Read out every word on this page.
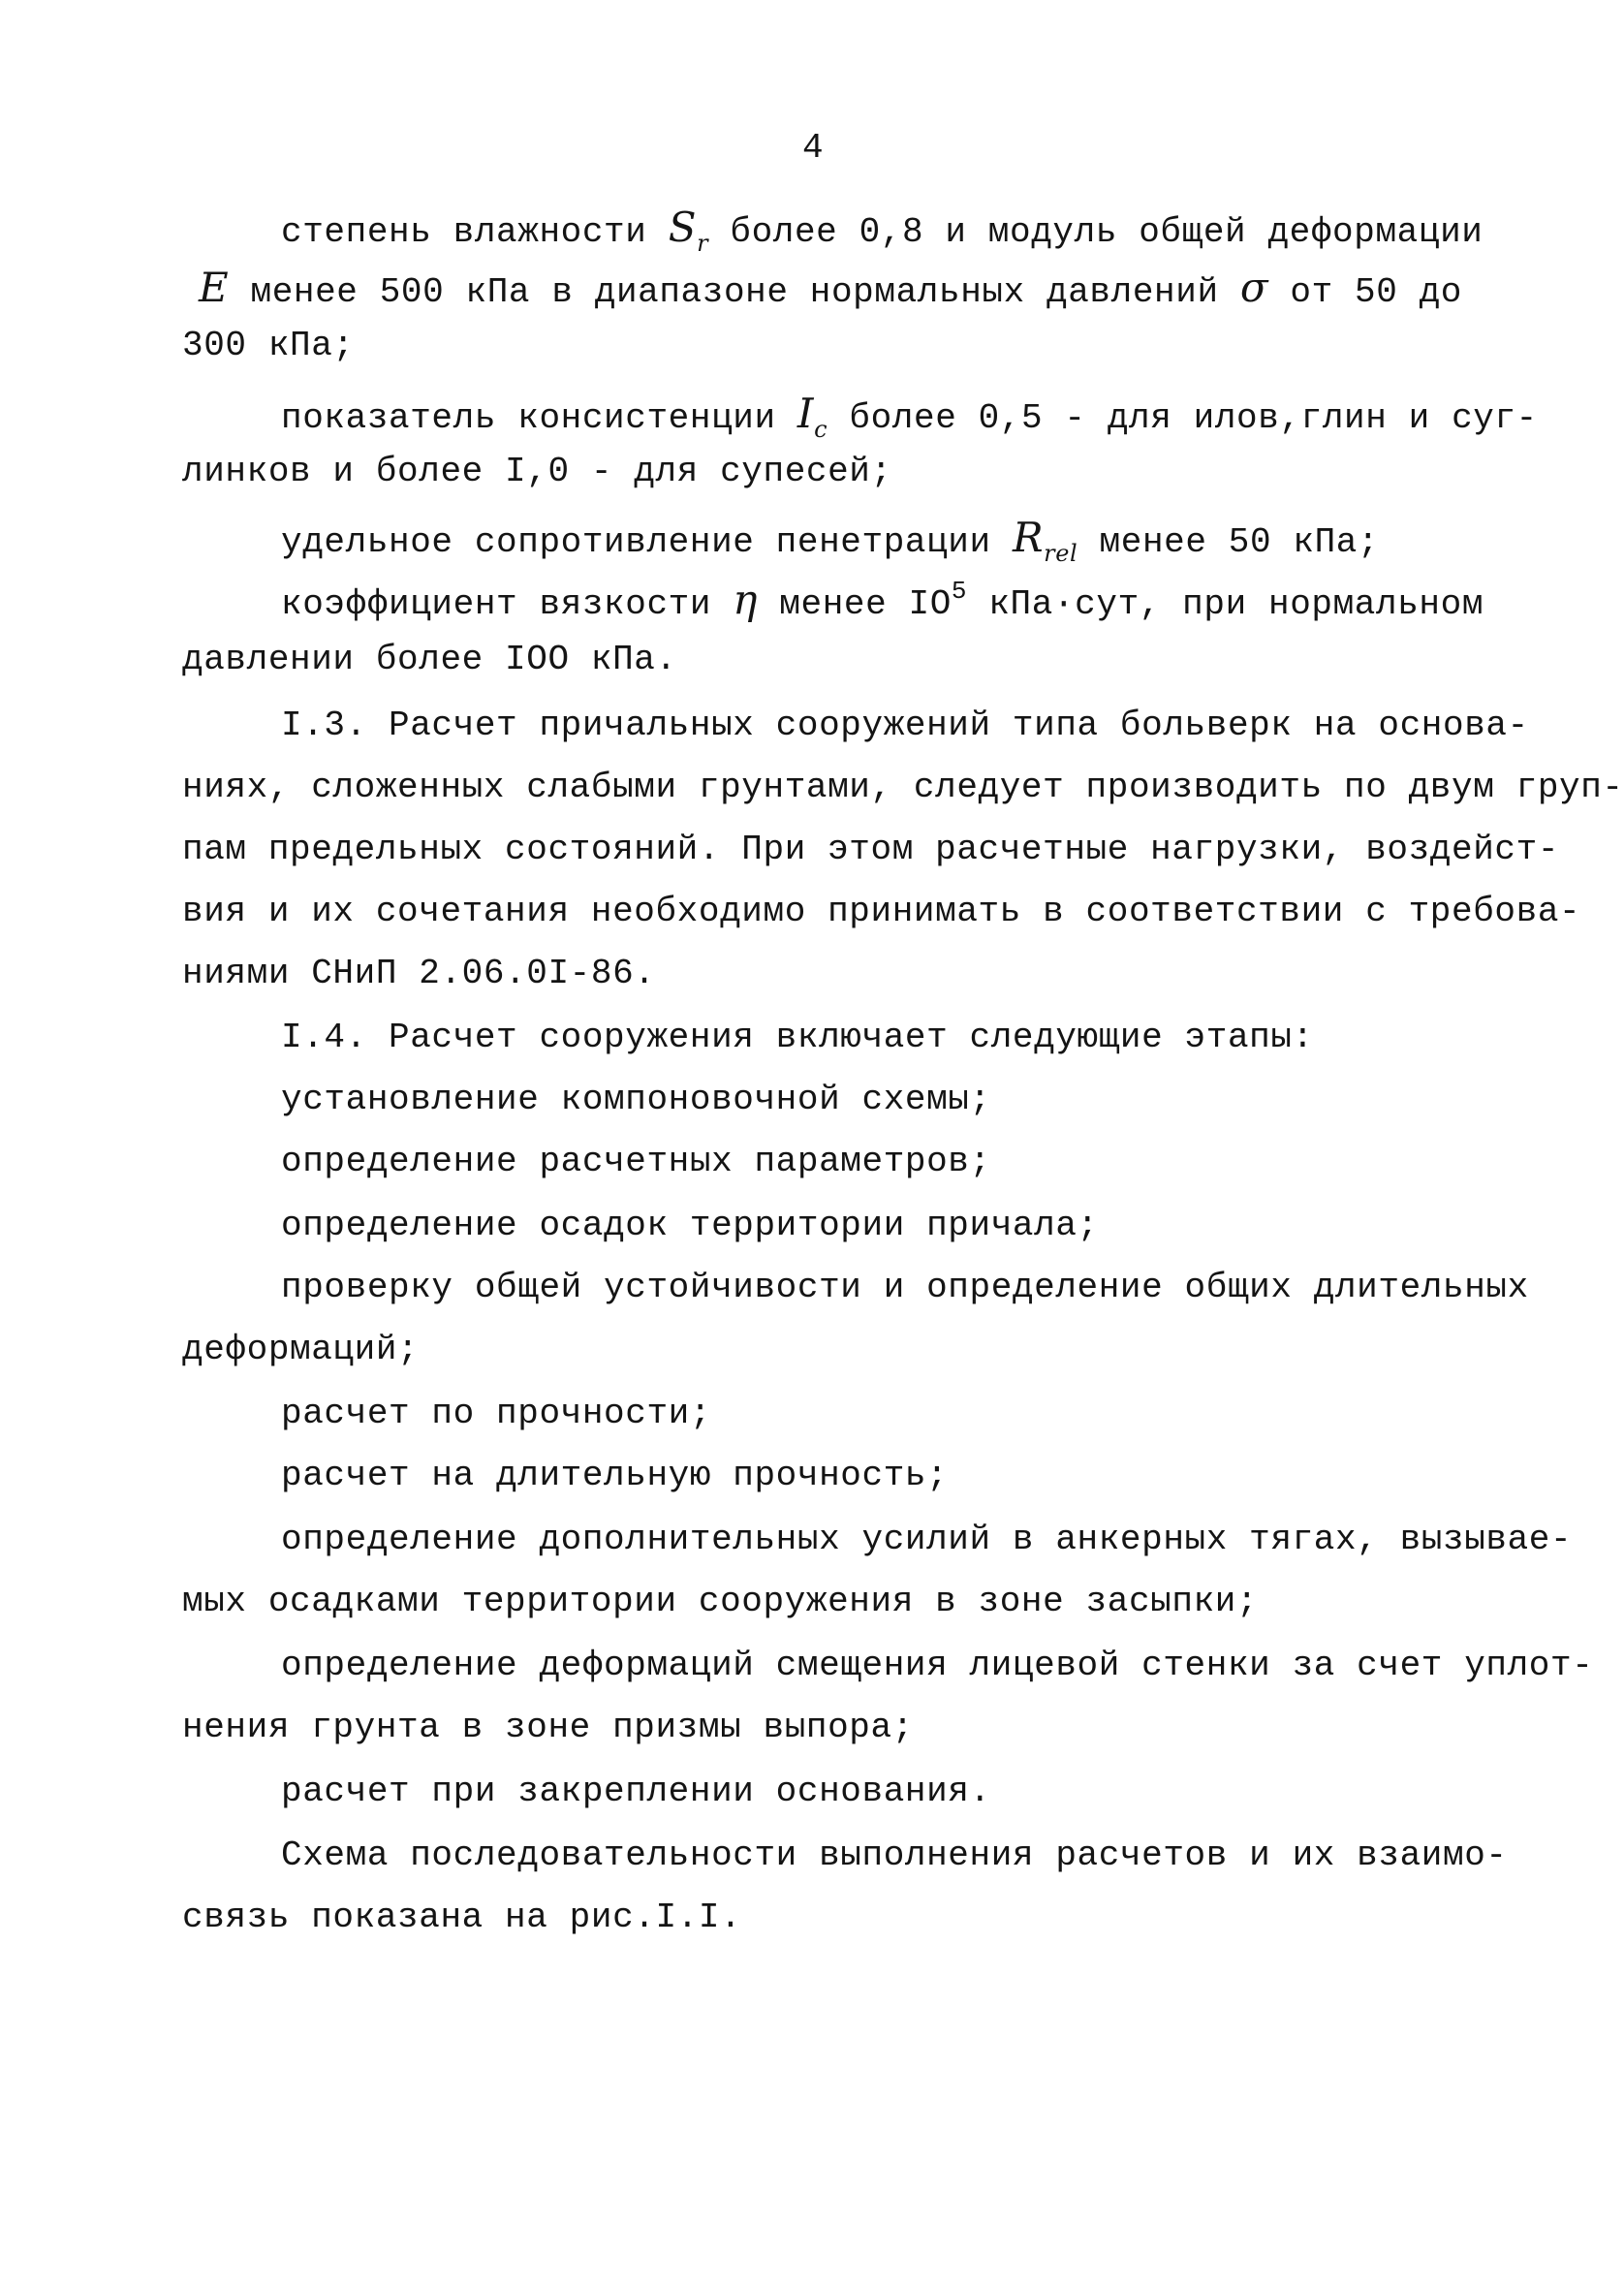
4
степень влажности $S_r$ более 0,8 и модуль общей деформации
E менее 500 кПа в диапазоне нормальных давлений σ от 50 до
300 кПа;
показатель консистенции $I_c$ более 0,5 - для илов,глин и суг-
линков и более I,0 - для супесей;
удельное сопротивление пенетрации $R_{rel}$ менее 50 кПа;
коэффициент вязкости η менее $IO^5$ кПа·сут, при нормальном
давлении более IOO кПа.
I.3. Расчет причальных сооружений типа больверк на основа-
ниях, сложенных слабыми грунтами, следует производить по двум груп-
пам предельных состояний. При этом расчетные нагрузки, воздейст-
вия и их сочетания необходимо принимать в соответствии с требова-
ниями СНиП 2.06.0I-86.
I.4. Расчет сооружения включает следующие этапы:
установление компоновочной схемы;
определение расчетных параметров;
определение осадок территории причала;
проверку общей устойчивости и определение общих длительных
деформаций;
расчет по прочности;
расчет на длительную прочность;
определение дополнительных усилий в анкерных тягах, вызывае-
мых осадками территории сооружения в зоне засыпки;
определение деформаций смещения лицевой стенки за счет уплот-
нения грунта в зоне призмы выпора;
расчет при закреплении основания.
Схема последовательности выполнения расчетов и их взаимо-
связь показана на рис.I.I.
